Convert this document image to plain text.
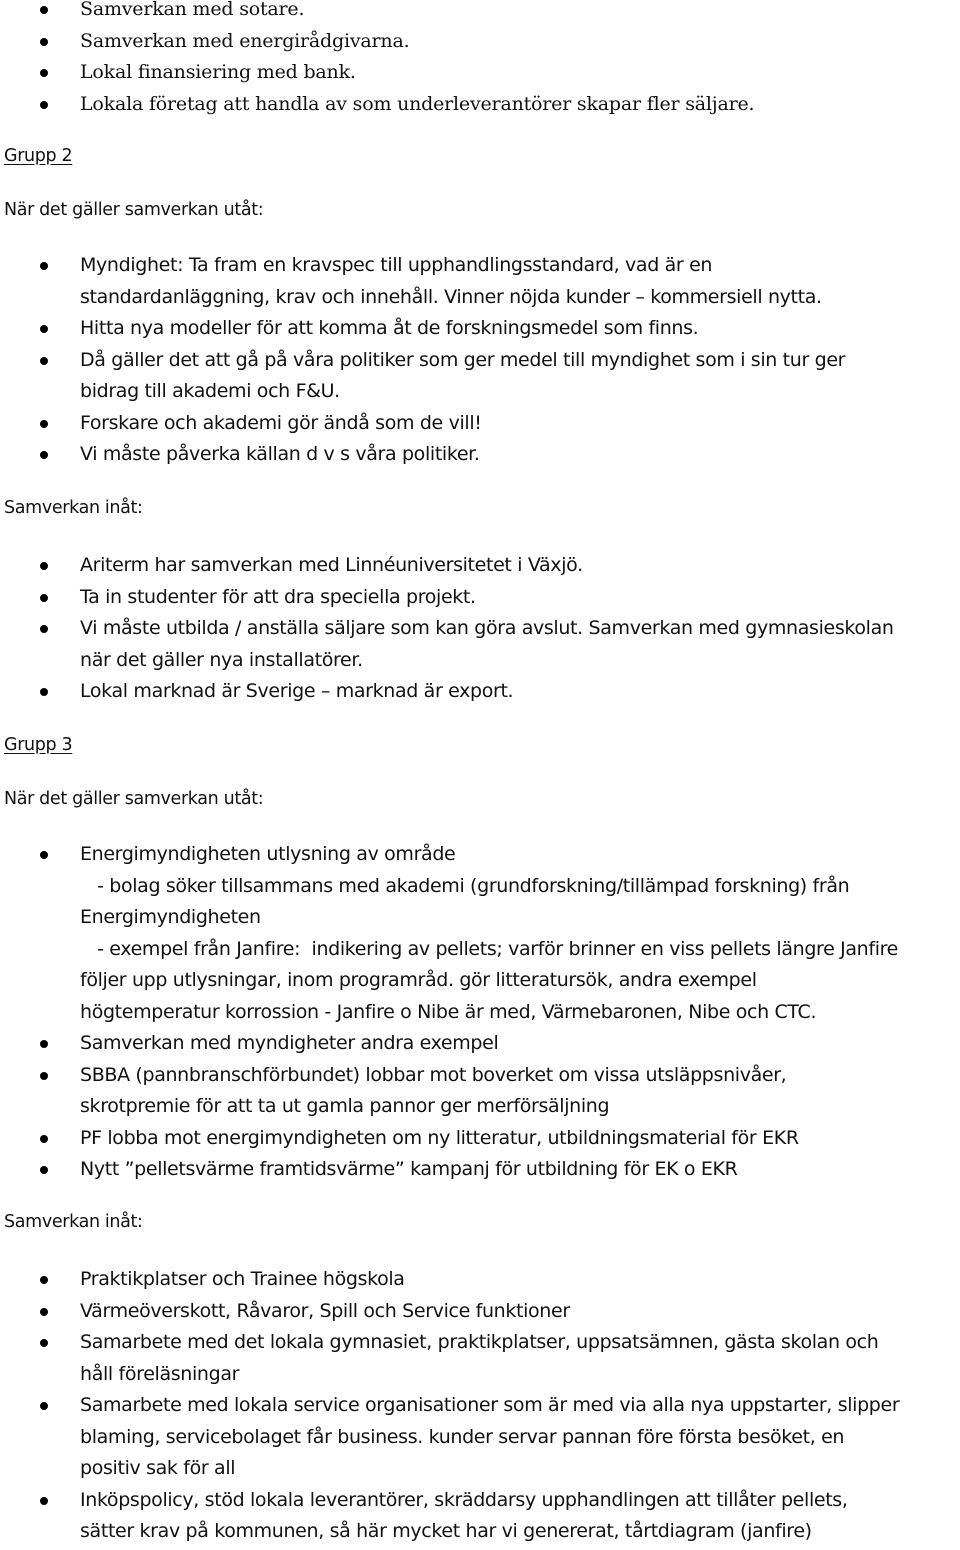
Samverkan med sotare.
Samverkan med energirådgivarna.
Lokal finansiering med bank.
Lokala företag att handla av som underleverantörer skapar fler säljare.
Grupp 2
När det gäller samverkan utåt:
Myndighet: Ta fram en kravspec till upphandlingsstandard, vad är en
standardanläggning, krav och innehåll. Vinner nöjda kunder – kommersiell nytta.
Hitta nya modeller för att komma åt de forskningsmedel som finns.
Då gäller det att gå på våra politiker som ger medel till myndighet som i sin tur ger
bidrag till akademi och F&U.
Forskare och akademi gör ändå som de vill!
Vi måste påverka källan d v s våra politiker.
Samverkan inåt:
Ariterm har samverkan med Linnéuniversitetet i Växjö.
Ta in studenter för att dra speciella projekt.
Vi måste utbilda / anställa säljare som kan göra avslut. Samverkan med gymnasieskolan
när det gäller nya installatörer.
Lokal marknad är Sverige – marknad är export.
Grupp 3
När det gäller samverkan utåt:
Energimyndigheten utlysning av område
- bolag söker tillsammans med akademi (grundforskning/tillämpad forskning) från
Energimyndigheten
- exempel från Janfire:  indikering av pellets; varför brinner en viss pellets längre Janfire
följer upp utlysningar, inom programråd. gör litteratursök, andra exempel
högtemperatur korrossion - Janfire o Nibe är med, Värmebaronen, Nibe och CTC.
Samverkan med myndigheter andra exempel
SBBA (pannbranschförbundet) lobbar mot boverket om vissa utsläppsnivåer,
skrotpremie för att ta ut gamla pannor ger merförsäljning
PF lobba mot energimyndigheten om ny litteratur, utbildningsmaterial för EKR
Nytt ”pelletsvärme framtidsvärme” kampanj för utbildning för EK o EKR
Samverkan inåt:
Praktikplatser och Trainee högskola
Värmeöverskott, Råvaror, Spill och Service funktioner
Samarbete med det lokala gymnasiet, praktikplatser, uppsatsämnen, gästa skolan och
håll föreläsningar
Samarbete med lokala service organisationer som är med via alla nya uppstarter, slipper
blaming, servicebolaget får business. kunder servar pannan före första besöket, en
positiv sak för all
Inköpspolicy, stöd lokala leverantörer, skräddarsy upphandlingen att tillåter pellets,
sätter krav på kommunen, så här mycket har vi genererat, tårtdiagram (janfire)
